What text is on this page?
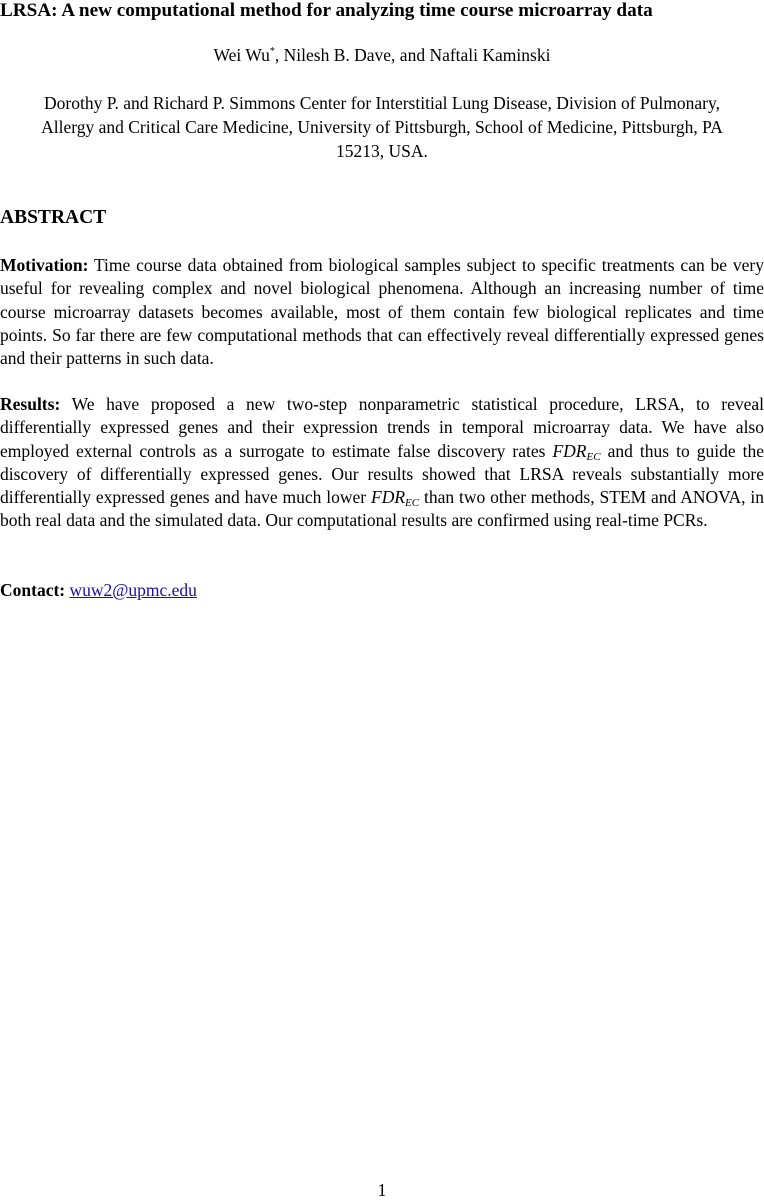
LRSA: A new computational method for analyzing time course microarray data
Wei Wu*, Nilesh B. Dave, and Naftali Kaminski
Dorothy P. and Richard P. Simmons Center for Interstitial Lung Disease, Division of Pulmonary,
Allergy and Critical Care Medicine, University of Pittsburgh, School of Medicine, Pittsburgh, PA
15213, USA.
ABSTRACT
Motivation: Time course data obtained from biological samples subject to specific treatments can be very useful for revealing complex and novel biological phenomena. Although an increasing number of time course microarray datasets becomes available, most of them contain few biological replicates and time points. So far there are few computational methods that can effectively reveal differentially expressed genes and their patterns in such data.
Results: We have proposed a new two-step nonparametric statistical procedure, LRSA, to reveal differentially expressed genes and their expression trends in temporal microarray data. We have also employed external controls as a surrogate to estimate false discovery rates $FDR_{EC}$ and thus to guide the discovery of differentially expressed genes. Our results showed that LRSA reveals substantially more differentially expressed genes and have much lower $FDR_{EC}$ than two other methods, STEM and ANOVA, in both real data and the simulated data. Our computational results are confirmed using real-time PCRs.
Contact: wuw2@upmc.edu
1
